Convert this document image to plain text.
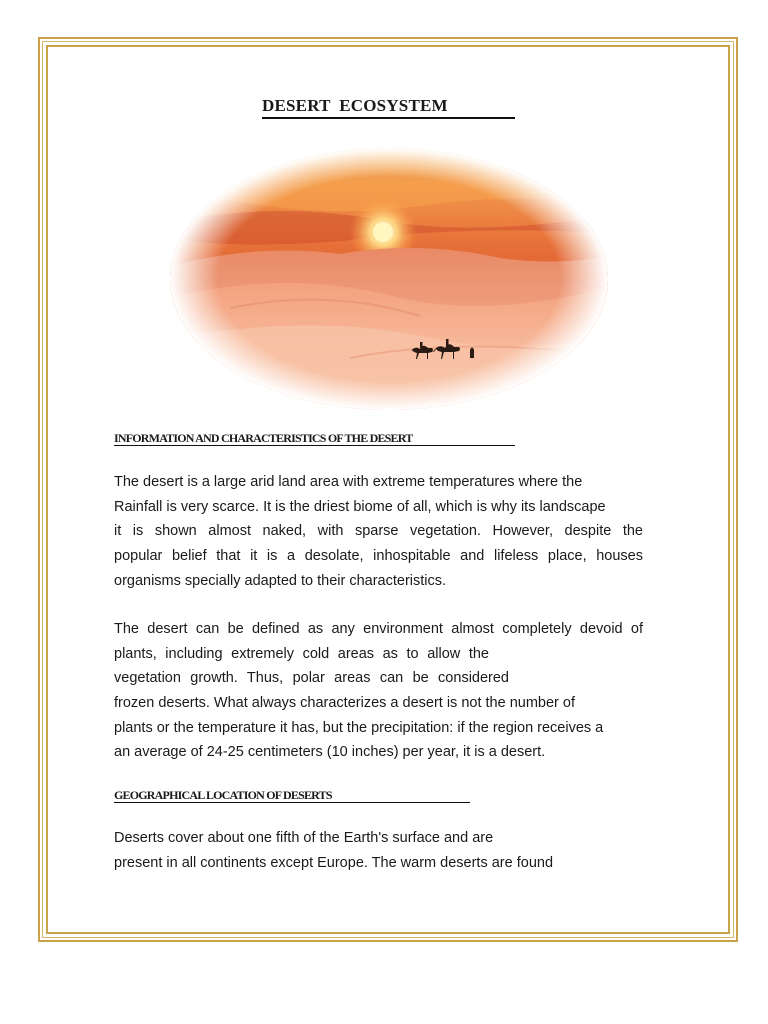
DESERT  ECOSYSTEM
INFORMATION AND CHARACTERISTICS OF THE DESERT
The desert is a large arid land area with extreme temperatures where the
Rainfall is very scarce. It is the driest biome of all, which is why its landscape
it is shown almost naked, with sparse vegetation. However, despite the
popular belief that it is a desolate, inhospitable and lifeless place, houses
organisms specially adapted to their characteristics.
The desert can be defined as any environment almost completely devoid of
plants, including extremely cold areas as to allow the
vegetation growth. Thus, polar areas can be considered
frozen deserts. What always characterizes a desert is not the number of
plants or the temperature it has, but the precipitation: if the region receives a
an average of 24-25 centimeters (10 inches) per year, it is a desert.
GEOGRAPHICAL LOCATION OF DESERTS
Deserts cover about one fifth of the Earth's surface and are
present in all continents except Europe. The warm deserts are found
